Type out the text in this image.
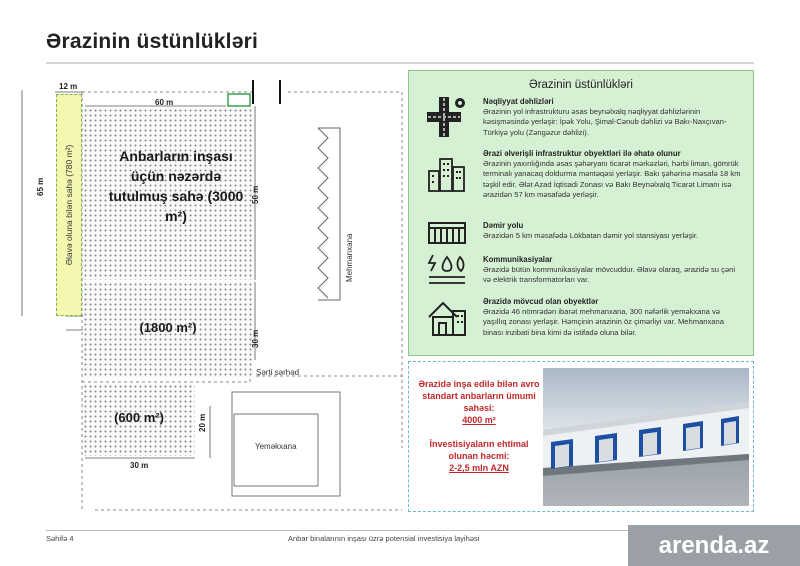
Ərazinin üstünlükləri
Əlavə oluna bilən sahə (780 m²)	Anbarların inşası üçün nəzərdə tutulmuş sahə (3000 m²)
(1800 m²)
(600 m²)
12 m
60 m
65 m	50 m
30 m
20 m
30 m
Şərti sərhəd
Mehmanxana
Yeməkxana
Ərazinin üstünlükləri
Nəqliyyat dəhlizləri
Ərazinin yol infrastrukturu əsas beynəlxalq nəqliyyat dəhlizlərinin kəsişməsində yerləşir: İpək Yolu, Şimal-Cənub dəhlizi və Bakı-Naxçıvan-Türkiyə yolu (Zəngəzur dəhlizi).
Ərazi əlverişli infrastruktur obyektləri ilə əhatə olunur
Ərazinin yaxınlığında əsas şəhəryanı ticarət mərkəzləri, hərbi liman, gömrük terminalı yanacaq doldurma məntəqəsi yerləşir. Bakı şəhərinə məsafə 18 km təşkil edir. Ələt Azad İqtisadi Zonası və Bakı Beynəlxalq Ticarət Limanı isə ərazidən 57 km məsafədə yerləşir.
Dəmir yolu
Ərazidən 5 km məsafədə Lökbatan dəmir yol stansiyası yerləşir.
Kommunikasiyalar
Ərazidə bütün kommunikasiyalar mövcuddur. Əlavə olaraq, ərazidə su çəni və elektrik transformatorları var.
Ərazidə mövcud olan obyektlər
Ərazidə 46 nömrədən ibarət mehmanxana, 300 nəfərlik yeməkxana və yaşıllıq zonası yerləşir. Həmçinin ərazinin öz çimərliyi var. Mehmanxana binası inzibati bina kimi də istifadə oluna bilər.
Ərazidə inşa edilə bilən avro standart anbarların ümumi sahəsi:
4000 m²
İnvestisiyaların ehtimal olunan həcmi:
2-2,5 mln AZN
Səhifə 4	Anbar binalarının inşası üzrə potensial investisiya layihəsi	arenda.az
